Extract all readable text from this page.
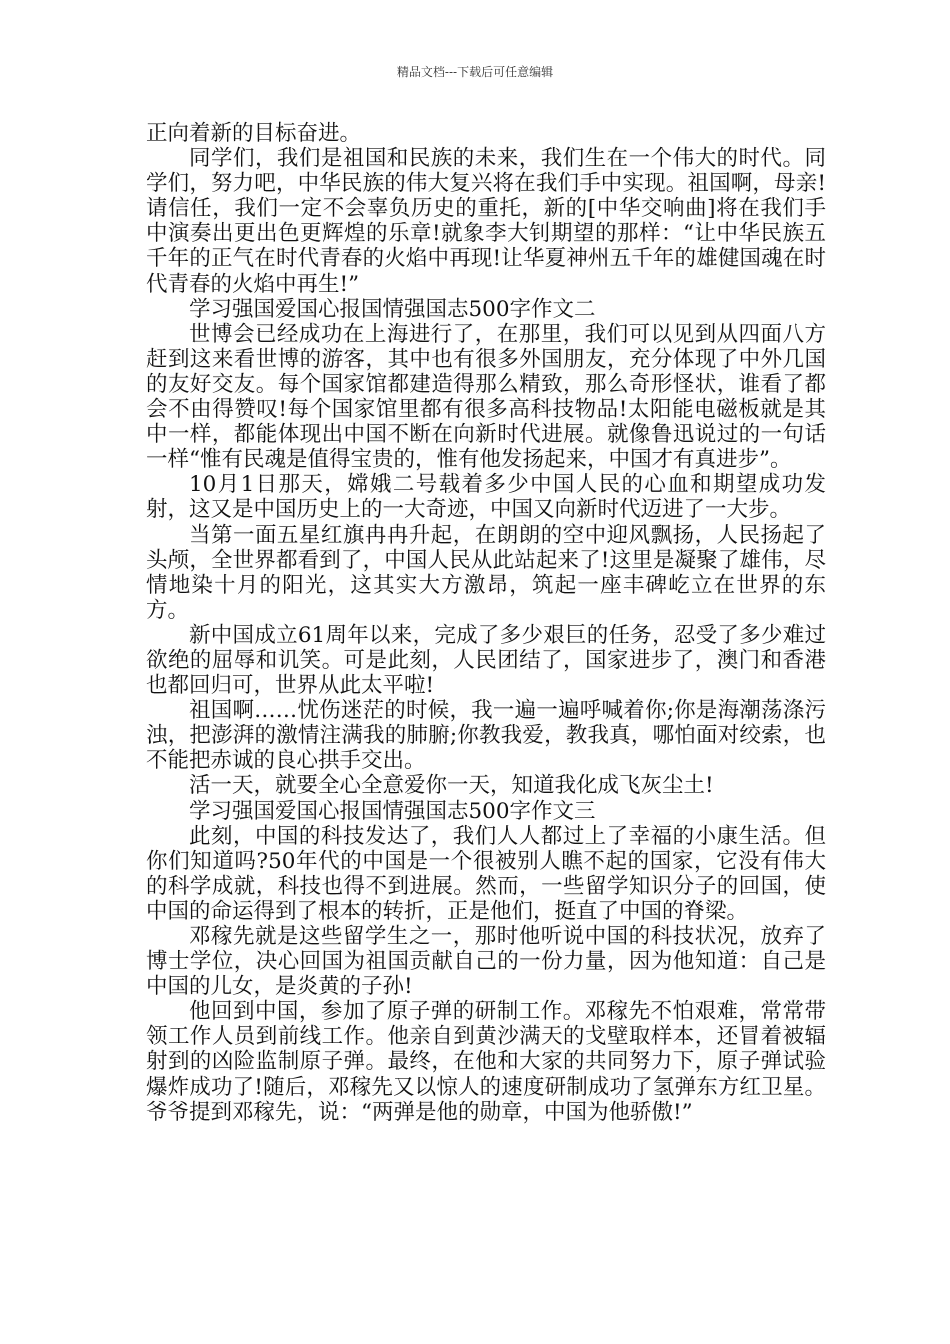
精品文档---下载后可任意编辑

正向着新的目标奋进。

同学们，我们是祖国和民族的未来，我们生在一个伟大的时代。同学们，努力吧，中华民族的伟大复兴将在我们手中实现。祖国啊，母亲!请信任，我们一定不会辜负历史的重托，新的[中华交响曲]将在我们手中演奏出更出色更辉煌的乐章!就象李大钊期望的那样：“让中华民族五千年的正气在时代青春的火焰中再现!让华夏神州五千年的雄健国魂在时代青春的火焰中再生!”

学习强国爱国心报国情强国志500字作文二

世博会已经成功在上海进行了，在那里，我们可以见到从四面八方赶到这来看世博的游客，其中也有很多外国朋友，充分体现了中外几国的友好交友。每个国家馆都建造得那么精致，那么奇形怪状，谁看了都会不由得赞叹!每个国家馆里都有很多高科技物品!太阳能电磁板就是其中一样，都能体现出中国不断在向新时代进展。就像鲁迅说过的一句话一样“惟有民魂是值得宝贵的，惟有他发扬起来，中国才有真进步”。

10月1日那天，嫦娥二号载着多少中国人民的心血和期望成功发射，这又是中国历史上的一大奇迹，中国又向新时代迈进了一大步。

当第一面五星红旗冉冉升起，在朗朗的空中迎风飘扬，人民扬起了头颅，全世界都看到了，中国人民从此站起来了!这里是凝聚了雄伟，尽情地染十月的阳光，这其实大方激昂，筑起一座丰碑屹立在世界的东方。

新中国成立61周年以来，完成了多少艰巨的任务，忍受了多少难过欲绝的屈辱和讥笑。可是此刻，人民团结了，国家进步了，澳门和香港也都回归可，世界从此太平啦!

祖国啊……忧伤迷茫的时候，我一遍一遍呼喊着你;你是海潮荡涤污浊，把澎湃的激情注满我的肺腑;你教我爱，教我真，哪怕面对绞索，也不能把赤诚的良心拱手交出。

活一天，就要全心全意爱你一天，知道我化成飞灰尘土!

学习强国爱国心报国情强国志500字作文三

此刻，中国的科技发达了，我们人人都过上了幸福的小康生活。但你们知道吗?50年代的中国是一个很被别人瞧不起的国家，它没有伟大的科学成就，科技也得不到进展。然而，一些留学知识分子的回国，使中国的命运得到了根本的转折，正是他们，挺直了中国的脊梁。

邓稼先就是这些留学生之一，那时他听说中国的科技状况，放弃了博士学位，决心回国为祖国贡献自己的一份力量，因为他知道：自己是中国的儿女，是炎黄的子孙!

他回到中国，参加了原子弹的研制工作。邓稼先不怕艰难，常常带领工作人员到前线工作。他亲自到黄沙满天的戈壁取样本，还冒着被辐射到的凶险监制原子弹。最终，在他和大家的共同努力下，原子弹试验爆炸成功了!随后，邓稼先又以惊人的速度研制成功了氢弹东方红卫星。爷爷提到邓稼先，说：“两弹是他的勋章，中国为他骄傲!”
